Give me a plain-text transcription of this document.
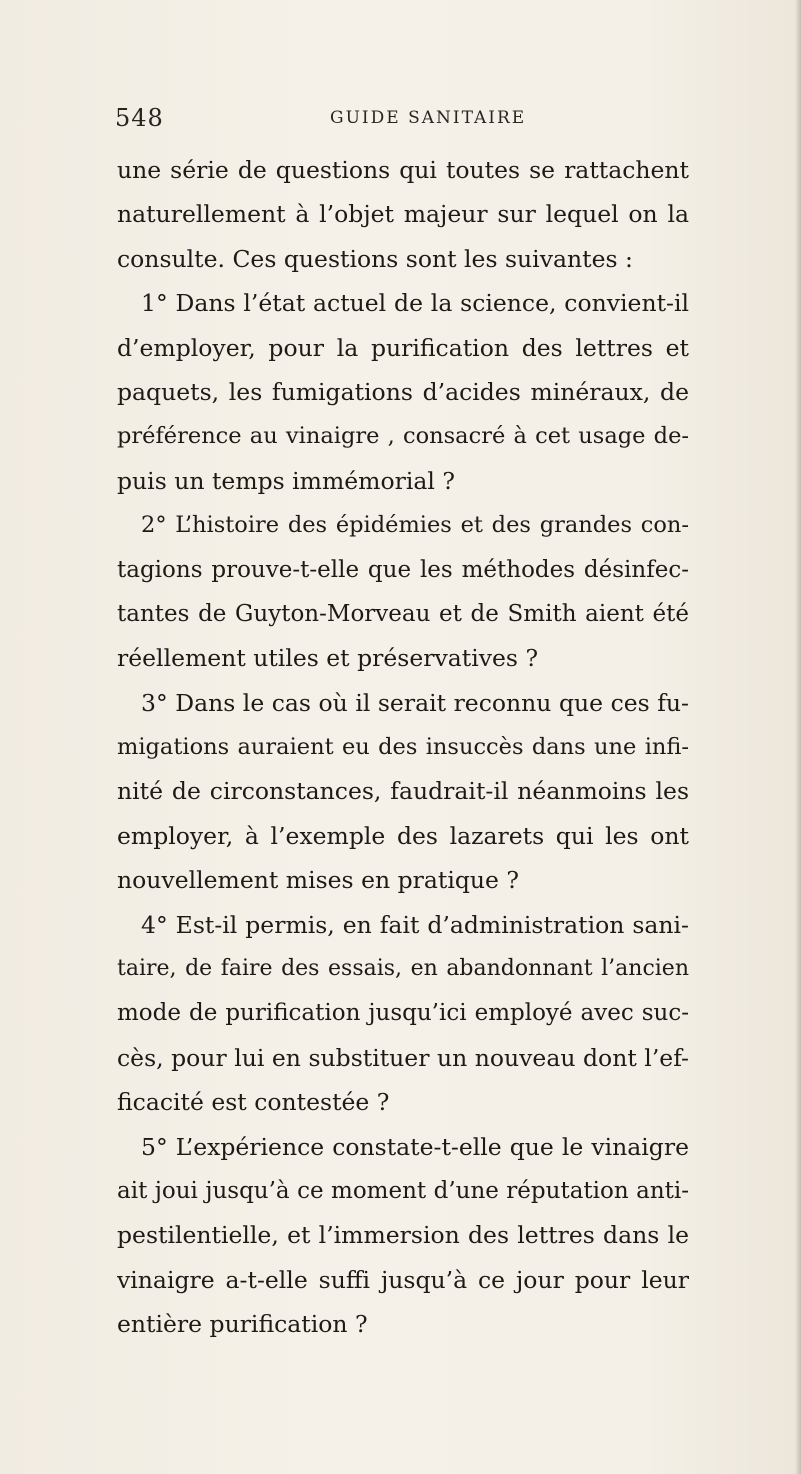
548	GUIDE SANITAIRE
une série de questions qui toutes se rattachent
naturellement à l’objet majeur sur lequel on la
consulte. Ces questions sont les suivantes :
1° Dans l’état actuel de la science, convient-il
d’employer, pour la purification des lettres et
paquets, les fumigations d’acides minéraux, de
préférence au vinaigre , consacré à cet usage de-
puis un temps immémorial ?
2° L’histoire des épidémies et des grandes con-
tagions prouve-t-elle que les méthodes désinfec-
tantes de Guyton-Morveau et de Smith aient été
réellement utiles et préservatives ?
3° Dans le cas où il serait reconnu que ces fu-
migations auraient eu des insuccès dans une infi-
nité de circonstances, faudrait-il néanmoins les
employer, à l’exemple des lazarets qui les ont
nouvellement mises en pratique ?
4° Est-il permis, en fait d’administration sani-
taire, de faire des essais, en abandonnant l’ancien
mode de purification jusqu’ici employé avec suc-
cès, pour lui en substituer un nouveau dont l’ef-
ficacité est contestée ?
5° L’expérience constate-t-elle que le vinaigre
ait joui jusqu’à ce moment d’une réputation anti-
pestilentielle, et l’immersion des lettres dans le
vinaigre a-t-elle suffi jusqu’à ce jour pour leur
entière purification ?
